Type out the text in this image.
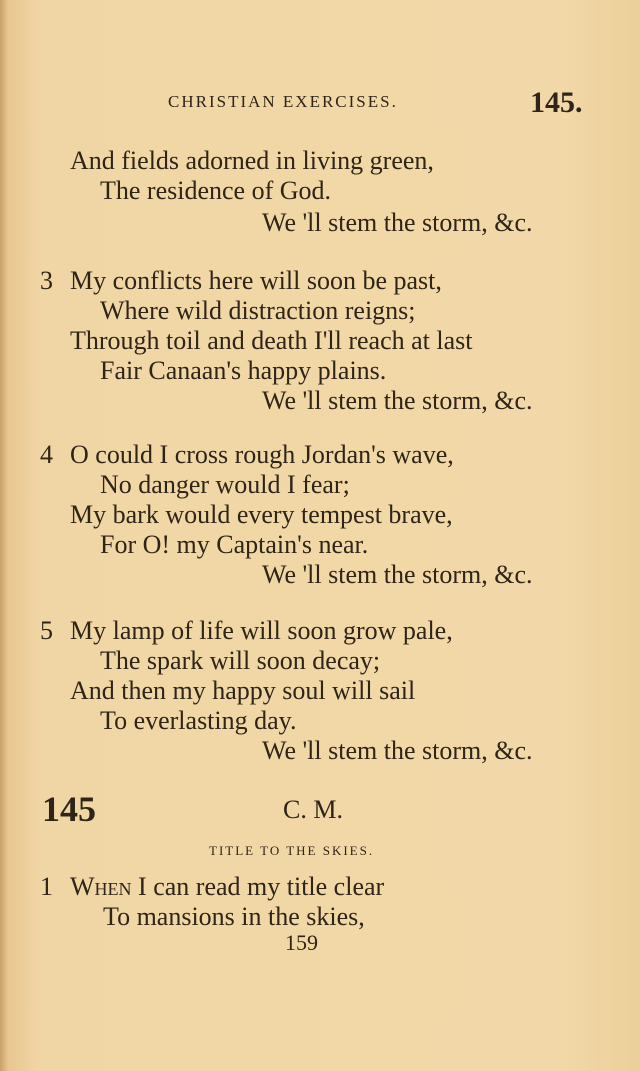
CHRISTIAN EXERCISES.	145.
And fields adorned in living green,
The residence of God.
We 'll stem the storm, &c.
3 My conflicts here will soon be past,
Where wild distraction reigns;
Through toil and death I'll reach at last
Fair Canaan's happy plains.
We 'll stem the storm, &c.
4 O could I cross rough Jordan's wave,
No danger would I fear;
My bark would every tempest brave,
For O! my Captain's near.
We 'll stem the storm, &c.
5 My lamp of life will soon grow pale,
The spark will soon decay;
And then my happy soul will sail
To everlasting day.
We 'll stem the storm, &c.
145	C. M.
TITLE TO THE SKIES.
1 When I can read my title clear
To mansions in the skies,
159
